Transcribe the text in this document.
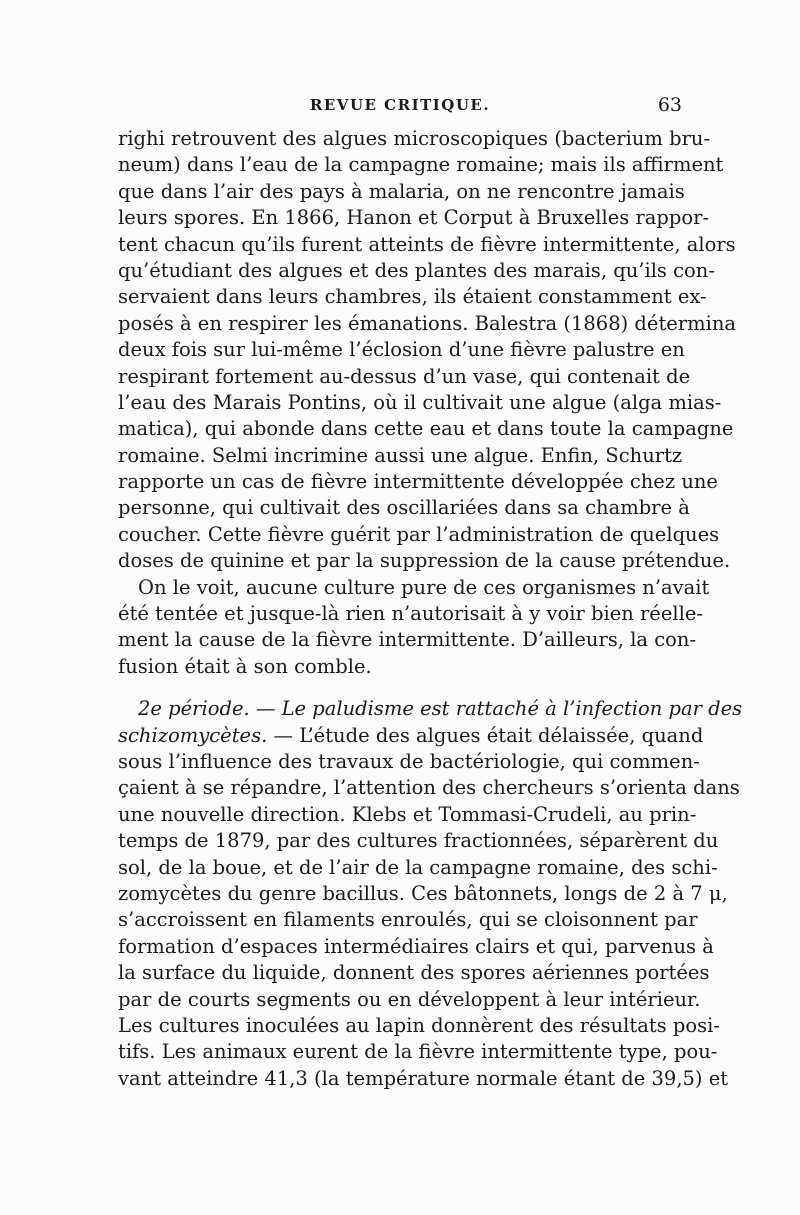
REVUE CRITIQUE.	63
righi retrouvent des algues microscopiques (bacterium bru-
neum) dans l’eau de la campagne romaine; mais ils affirment
que dans l’air des pays à malaria, on ne rencontre jamais
leurs spores. En 1866, Hanon et Corput à Bruxelles rappor-
tent chacun qu’ils furent atteints de fièvre intermittente, alors
qu’étudiant des algues et des plantes des marais, qu’ils con-
servaient dans leurs chambres, ils étaient constamment ex-
posés à en respirer les émanations. Balestra (1868) détermina
deux fois sur lui-même l’éclosion d’une fièvre palustre en
respirant fortement au-dessus d’un vase, qui contenait de
l’eau des Marais Pontins, où il cultivait une algue (alga mias-
matica), qui abonde dans cette eau et dans toute la campagne
romaine. Selmi incrimine aussi une algue. Enfin, Schurtz
rapporte un cas de fièvre intermittente développée chez une
personne, qui cultivait des oscillariées dans sa chambre à
coucher. Cette fièvre guérit par l’administration de quelques
doses de quinine et par la suppression de la cause prétendue.
On le voit, aucune culture pure de ces organismes n’avait
été tentée et jusque-là rien n’autorisait à y voir bien réelle-
ment la cause de la fièvre intermittente. D’ailleurs, la con-
fusion était à son comble.
2e période. — Le paludisme est rattaché à l’infection par des
schizomycètes. — L’étude des algues était délaissée, quand
sous l’influence des travaux de bactériologie, qui commen-
çaient à se répandre, l’attention des chercheurs s’orienta dans
une nouvelle direction. Klebs et Tommasi-Crudeli, au prin-
temps de 1879, par des cultures fractionnées, séparèrent du
sol, de la boue, et de l’air de la campagne romaine, des schi-
zomycètes du genre bacillus. Ces bâtonnets, longs de 2 à 7 μ,
s’accroissent en filaments enroulés, qui se cloisonnent par
formation d’espaces intermédiaires clairs et qui, parvenus à
la surface du liquide, donnent des spores aériennes portées
par de courts segments ou en développent à leur intérieur.
Les cultures inoculées au lapin donnèrent des résultats posi-
tifs. Les animaux eurent de la fièvre intermittente type, pou-
vant atteindre 41,3 (la température normale étant de 39,5) et
